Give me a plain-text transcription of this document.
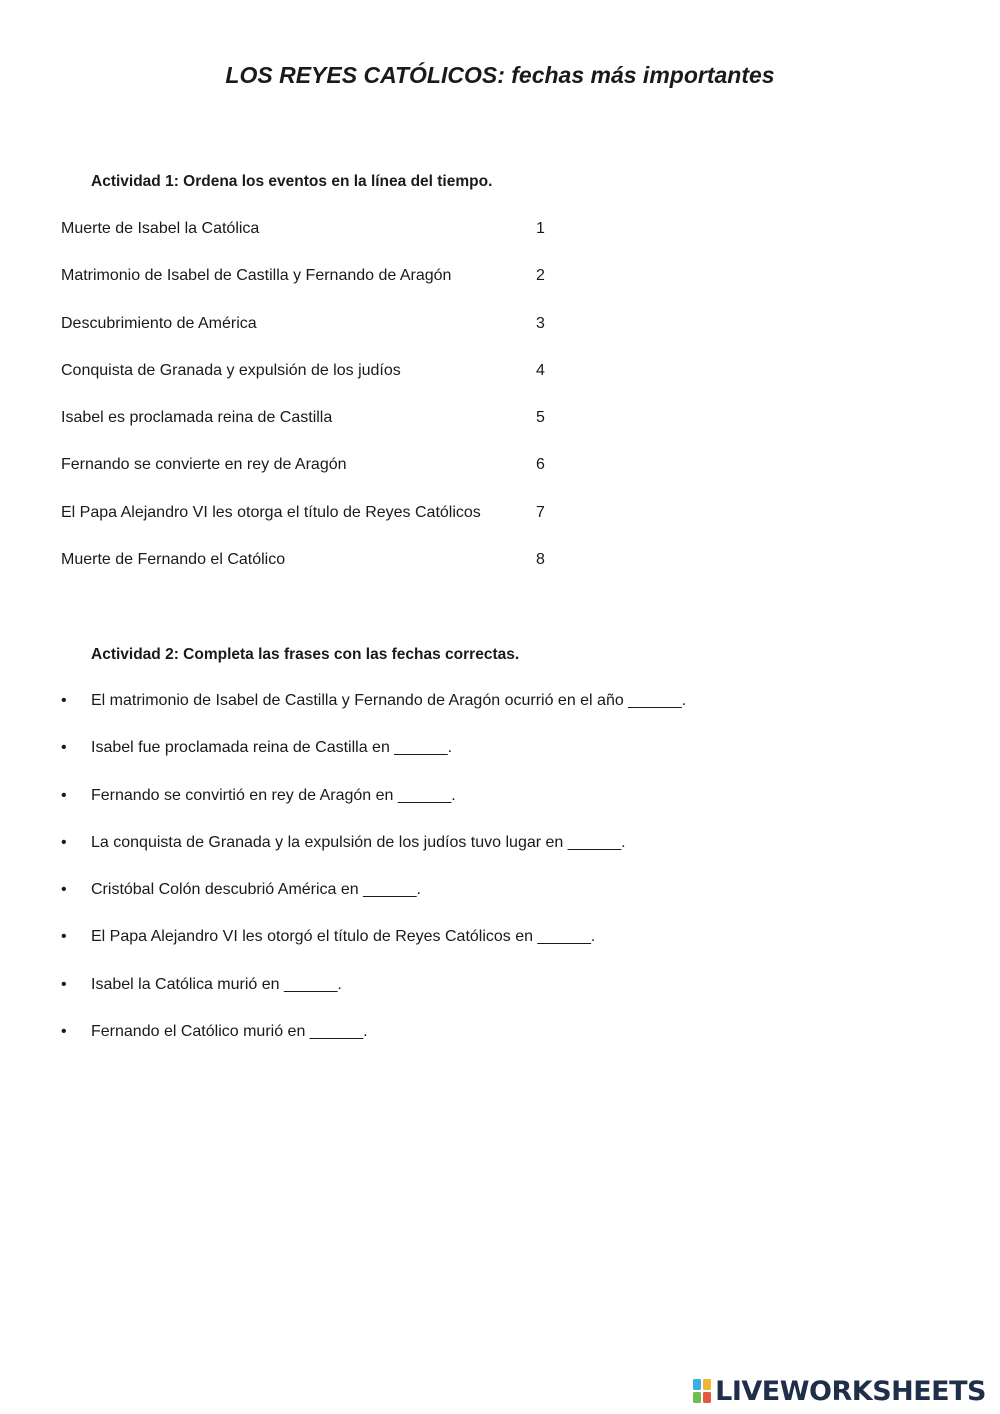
LOS REYES CATÓLICOS: fechas más importantes

Actividad 1: Ordena los eventos en la línea del tiempo.

Muerte de Isabel la Católica	1
Matrimonio de Isabel de Castilla y Fernando de Aragón	2
Descubrimiento de América	3
Conquista de Granada y expulsión de los judíos	4
Isabel es proclamada reina de Castilla	5
Fernando se convierte en rey de Aragón	6
El Papa Alejandro VI les otorga el título de Reyes Católicos	7
Muerte de Fernando el Católico	8

Actividad 2: Completa las frases con las fechas correctas.

• El matrimonio de Isabel de Castilla y Fernando de Aragón ocurrió en el año ______.
• Isabel fue proclamada reina de Castilla en ______.
• Fernando se convirtió en rey de Aragón en ______.
• La conquista de Granada y la expulsión de los judíos tuvo lugar en ______.
• Cristóbal Colón descubrió América en ______.
• El Papa Alejandro VI les otorgó el título de Reyes Católicos en ______.
• Isabel la Católica murió en ______.
• Fernando el Católico murió en ______.
LIVEWORKSHEETS
